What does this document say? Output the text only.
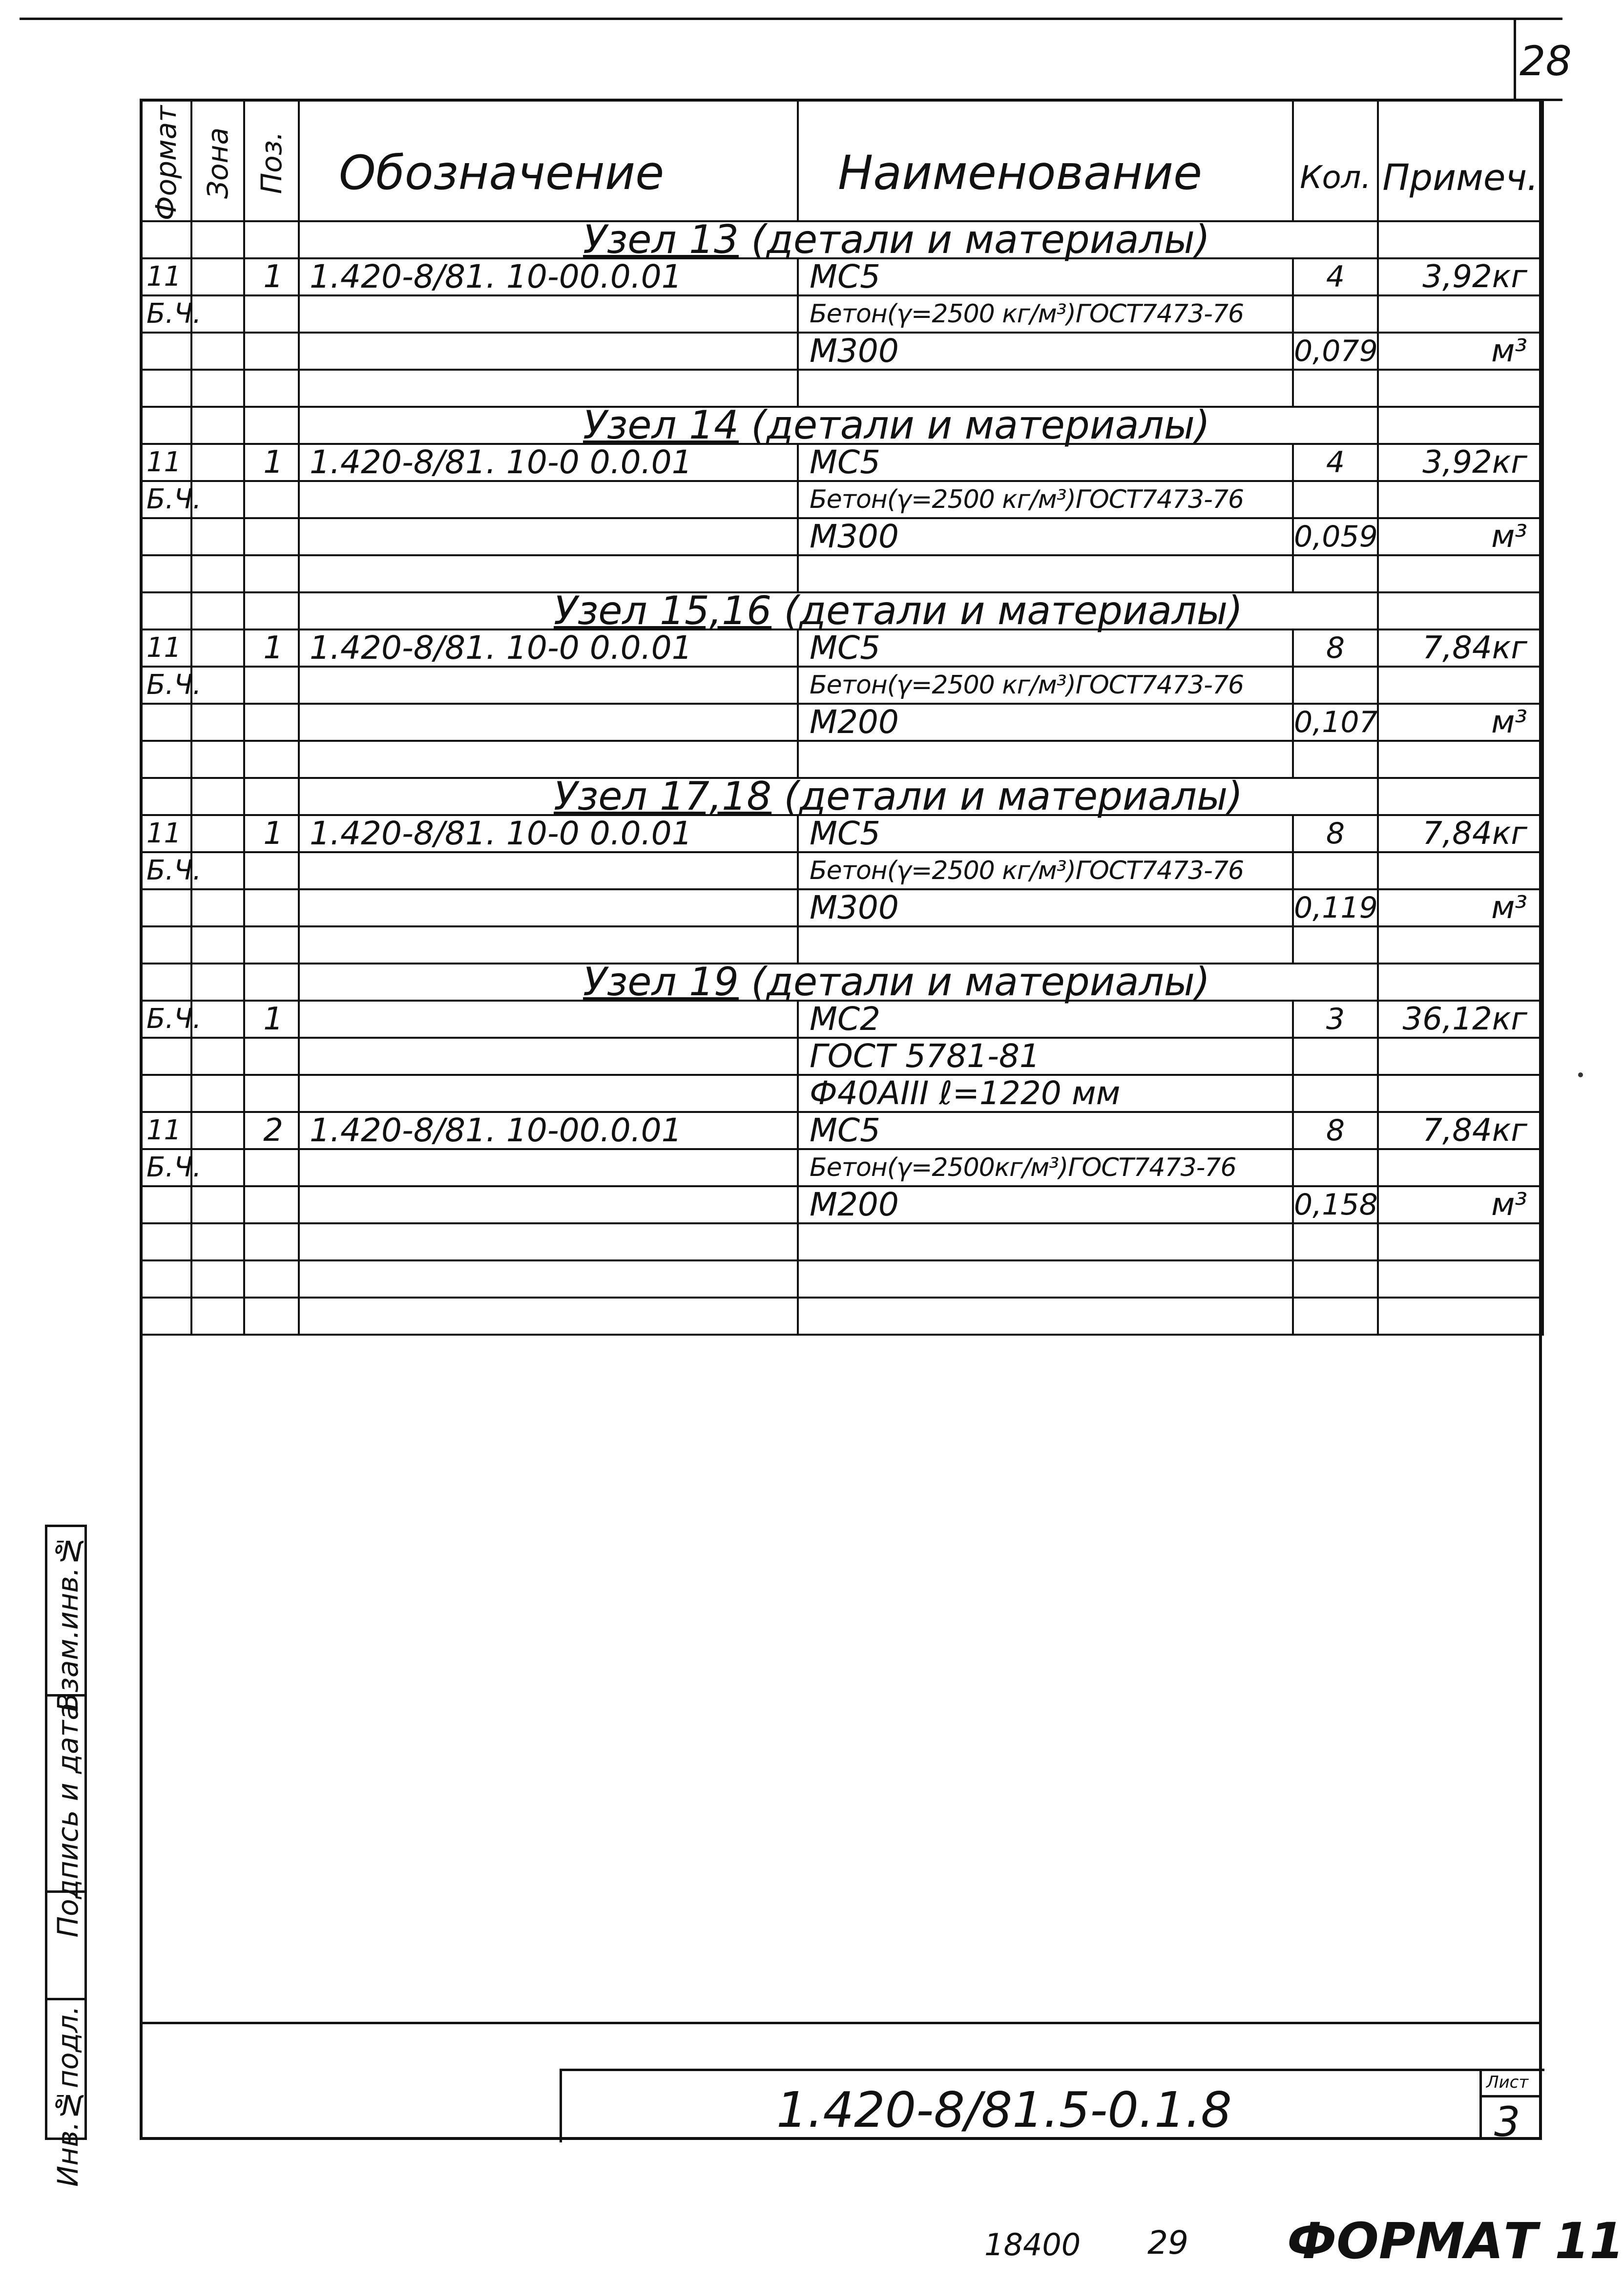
28
Формат	Зона	Поз.	Обозначение	Наименование	Кол.	Примеч.

			Узел 13 (детали и материалы)			

11		1	1.420-8/81. 10-00.0.01	МС5	4	3,92кг

Б.Ч.				Бетон(γ=2500 кг/м³)ГОСТ7473-76		

				М300	0,079	м³

			Узел 14 (детали и материалы)			

11		1	1.420-8/81. 10-0 0.0.01	МС5	4	3,92кг

Б.Ч.				Бетон(γ=2500 кг/м³)ГОСТ7473-76		

				М300	0,059	м³

			Узел 15,16 (детали и материалы)			

11		1	1.420-8/81. 10-0 0.0.01	МС5	8	7,84кг

Б.Ч.				Бетон(γ=2500 кг/м³)ГОСТ7473-76		

				М200	0,107	м³

			Узел 17,18 (детали и материалы)			

11		1	1.420-8/81. 10-0 0.0.01	МС5	8	7,84кг

Б.Ч.				Бетон(γ=2500 кг/м³)ГОСТ7473-76		

				М300	0,119	м³

			Узел 19 (детали и материалы)			

Б.Ч.		1		МС2	3	36,12кг

				ГОСТ 5781-81		

				Ф40АIII ℓ=1220 мм		

11		2	1.420-8/81. 10-00.0.01	МС5	8	7,84кг

Б.Ч.				Бетон(γ=2500кг/м³)ГОСТ7473-76		

				М200	0,158	м³

Взам.инв.№
Подпись и дата
Инв.№подл.	1.420-8/81.5-0.1.8	Лист
3
18400 29 ФОРМАТ 11
